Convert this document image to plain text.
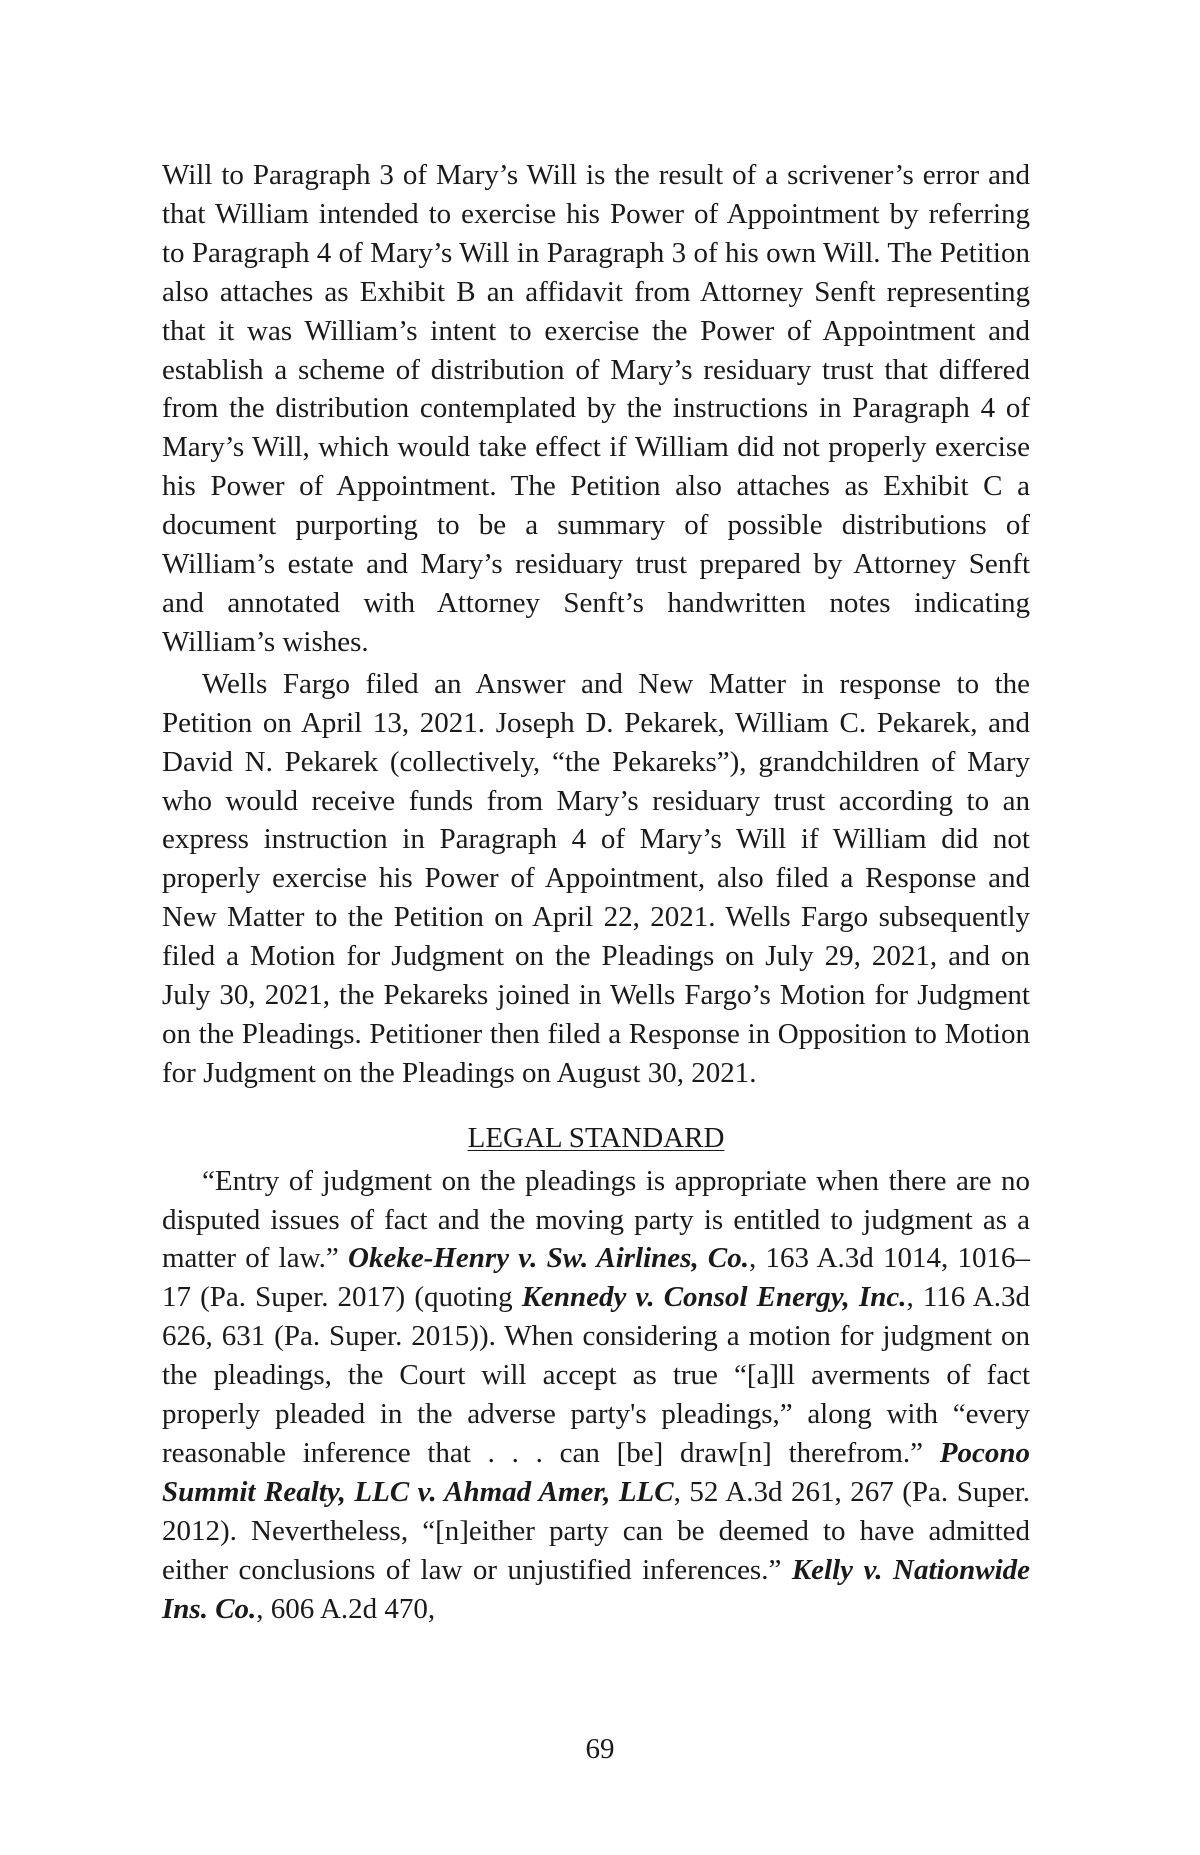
Will to Paragraph 3 of Mary’s Will is the result of a scrivener’s error and that William intended to exercise his Power of Appointment by referring to Paragraph 4 of Mary’s Will in Paragraph 3 of his own Will. The Petition also attaches as Exhibit B an affidavit from Attorney Senft representing that it was William’s intent to exercise the Power of Appointment and establish a scheme of distribution of Mary’s residuary trust that differed from the distribution contemplated by the instructions in Paragraph 4 of Mary’s Will, which would take effect if William did not properly exercise his Power of Appointment. The Petition also attaches as Exhibit C a document purporting to be a summary of possible distributions of William’s estate and Mary’s residuary trust prepared by Attorney Senft and annotated with Attorney Senft’s handwritten notes indicating William’s wishes.

Wells Fargo filed an Answer and New Matter in response to the Petition on April 13, 2021. Joseph D. Pekarek, William C. Pekarek, and David N. Pekarek (collectively, “the Pekareks”), grandchildren of Mary who would receive funds from Mary’s residuary trust according to an express instruction in Paragraph 4 of Mary’s Will if William did not properly exercise his Power of Appointment, also filed a Response and New Matter to the Petition on April 22, 2021. Wells Fargo subsequently filed a Motion for Judgment on the Pleadings on July 29, 2021, and on July 30, 2021, the Pekareks joined in Wells Fargo’s Motion for Judgment on the Pleadings. Petitioner then filed a Response in Opposition to Motion for Judgment on the Pleadings on August 30, 2021.

LEGAL STANDARD

“Entry of judgment on the pleadings is appropriate when there are no disputed issues of fact and the moving party is entitled to judgment as a matter of law.” Okeke-Henry v. Sw. Airlines, Co., 163 A.3d 1014, 1016–17 (Pa. Super. 2017) (quoting Kennedy v. Consol Energy, Inc., 116 A.3d 626, 631 (Pa. Super. 2015)). When considering a motion for judgment on the pleadings, the Court will accept as true “[a]ll averments of fact properly pleaded in the adverse party's pleadings,” along with “every reasonable inference that . . . can [be] draw[n] therefrom.” Pocono Summit Realty, LLC v. Ahmad Amer, LLC, 52 A.3d 261, 267 (Pa. Super. 2012). Nevertheless, “[n]either party can be deemed to have admitted either conclusions of law or unjustified inferences.” Kelly v. Nationwide Ins. Co., 606 A.2d 470,

69
